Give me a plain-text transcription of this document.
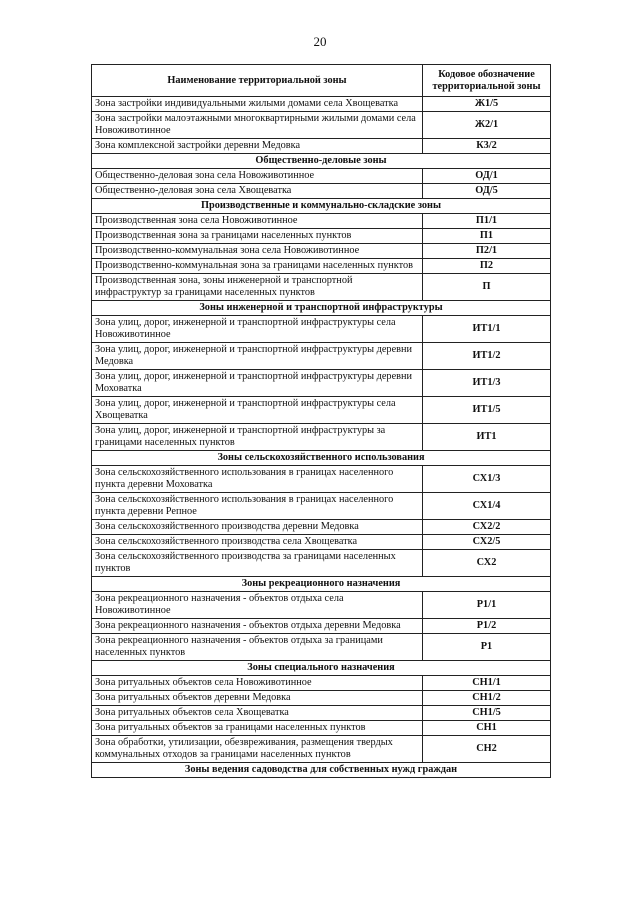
20
Наименование территориальной зоны	Кодовое обозначение территориальной зоны
Зона застройки индивидуальными жилыми домами села Хвощеватка	Ж1/5
Зона застройки малоэтажными многоквартирными жилыми домами села Новоживотинное	Ж2/1
Зона комплексной застройки деревни Медовка	К3/2
Общественно-деловые зоны	
Общественно-деловая зона села Новоживотинное	ОД/1
Общественно-деловая зона села Хвощеватка	ОД/5
Производственные и коммунально-складские зоны	
Производственная зона села Новоживотинное	П1/1
Производственная зона за границами населенных пунктов	П1
Производственно-коммунальная зона села Новоживотинное	П2/1
Производственно-коммунальная зона за границами населенных пунктов	П2
Производственная зона, зоны инженерной и транспортной инфраструктур за границами населенных пунктов	П
Зоны инженерной и транспортной инфраструктуры	
Зона улиц, дорог, инженерной и транспортной инфраструктуры села Новоживотинное	ИТ1/1
Зона улиц, дорог, инженерной и транспортной инфраструктуры деревни Медовка	ИТ1/2
Зона улиц, дорог, инженерной и транспортной инфраструктуры деревни Моховатка	ИТ1/3
Зона улиц, дорог, инженерной и транспортной инфраструктуры села Хвощеватка	ИТ1/5
Зона улиц, дорог, инженерной и транспортной инфраструктуры за границами населенных пунктов	ИТ1
Зоны сельскохозяйственного использования	
Зона сельскохозяйственного использования в границах населенного пункта деревни Моховатка	СХ1/3
Зона сельскохозяйственного использования в границах населенного пункта деревни Репное	СХ1/4
Зона сельскохозяйственного производства деревни Медовка	СХ2/2
Зона сельскохозяйственного производства села Хвощеватка	СХ2/5
Зона сельскохозяйственного производства за границами населенных пунктов	СХ2
Зоны рекреационного назначения	
Зона рекреационного назначения - объектов отдыха села Новоживотинное	Р1/1
Зона рекреационного назначения - объектов отдыха деревни Медовка	Р1/2
Зона рекреационного назначения - объектов отдыха за границами населенных пунктов	Р1
Зоны специального назначения	
Зона ритуальных объектов села Новоживотинное	СН1/1
Зона ритуальных объектов деревни Медовка	СН1/2
Зона ритуальных объектов села Хвощеватка	СН1/5
Зона ритуальных объектов за границами населенных пунктов	СН1
Зона обработки, утилизации, обезвреживания, размещения твердых коммунальных отходов за границами населенных пунктов	СН2
Зоны ведения садоводства для собственных нужд граждан	
